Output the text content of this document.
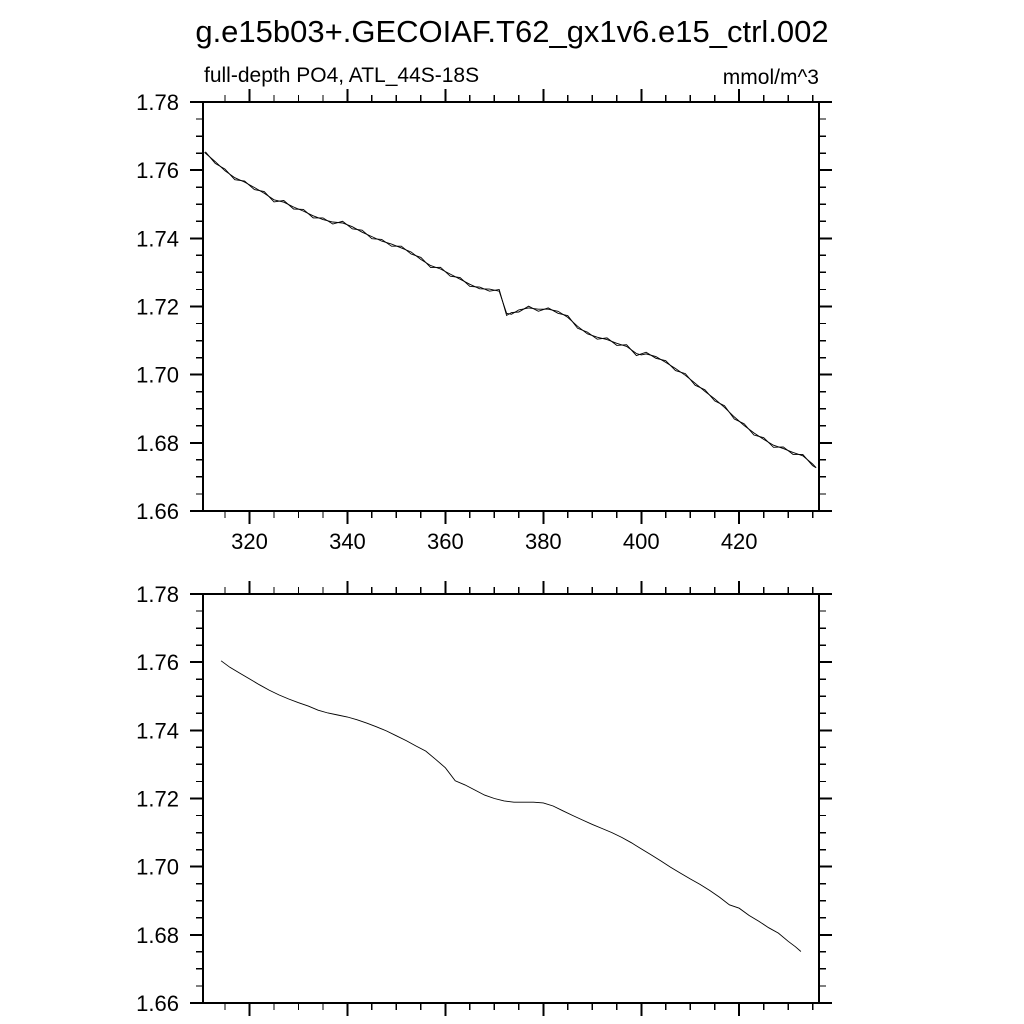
g.e15b03+.GECOIAF.T62_gx1v6.e15_ctrl.002
full-depth PO4, ATL_44S-18S	mmol/m^3
320	340	360	380	400	420
1.66
1.68
1.70
1.72
1.74
1.76
1.78
1.66
1.68
1.70
1.72
1.74
1.76
1.78
